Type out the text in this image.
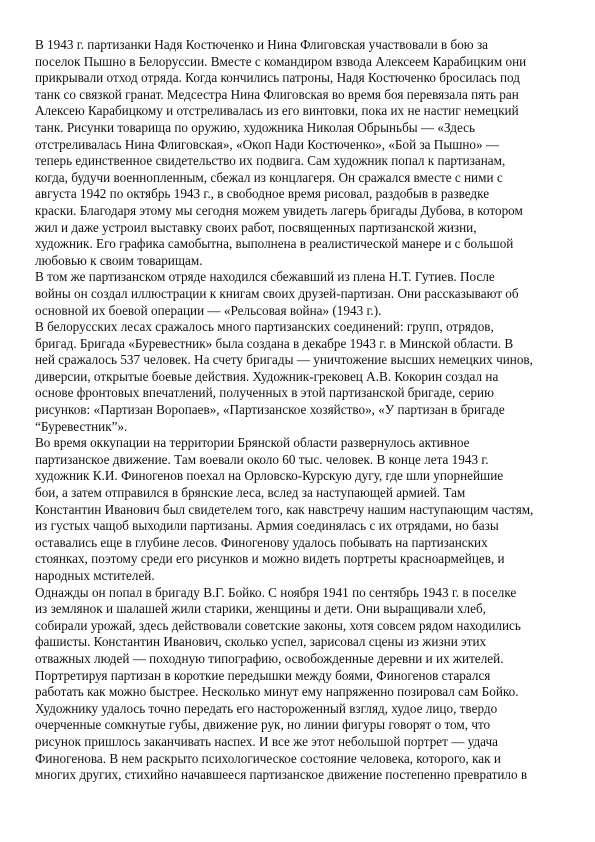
В 1943 г. партизанки Надя Костюченко и Нина Флиговская участвовали в бою за
поселок Пышно в Белоруссии. Вместе с командиром взвода Алексеем Карабицким они
прикрывали отход отряда. Когда кончились патроны, Надя Костюченко бросилась под
танк со связкой гранат. Медсестра Нина Флиговская во время боя перевязала пять ран
Алексею Карабицкому и отстреливалась из его винтовки, пока их не настиг немецкий
танк. Рисунки товарища по оружию, художника Николая Обрыньбы — «Здесь
отстреливалась Нина Флиговская», «Окоп Нади Костюченко», «Бой за Пышно» —
теперь единственное свидетельство их подвига. Сам художник попал к партизанам,
когда, будучи военнопленным, сбежал из концлагеря. Он сражался вместе с ними с
августа 1942 по октябрь 1943 г., в свободное время рисовал, раздобыв в разведке
краски. Благодаря этому мы сегодня можем увидеть лагерь бригады Дубова, в котором
жил и даже устроил выставку своих работ, посвященных партизанской жизни,
художник. Его графика самобытна, выполнена в реалистической манере и с большой
любовью к своим товарищам.
В том же партизанском отряде находился сбежавший из плена Н.Т. Гутиев. После
войны он создал иллюстрации к книгам своих друзей-партизан. Они рассказывают об
основной их боевой операции — «Рельсовая война» (1943 г.).
В белорусских лесах сражалось много партизанских соединений: групп, отрядов,
бригад. Бригада «Буревестник» была создана в декабре 1943 г. в Минской области. В
ней сражалось 537 человек. На счету бригады — уничтожение высших немецких чинов,
диверсии, открытые боевые действия. Художник-грековец А.В. Кокорин создал на
основе фронтовых впечатлений, полученных в этой партизанской бригаде, серию
рисунков: «Партизан Воропаев», «Партизанское хозяйство», «У партизан в бригаде
“Буревестник”».
Во время оккупации на территории Брянской области развернулось активное
партизанское движение. Там воевали около 60 тыс. человек. В конце лета 1943 г.
художник К.И. Финогенов поехал на Орловско-Курскую дугу, где шли упорнейшие
бои, а затем отправился в брянские леса, вслед за наступающей армией. Там
Константин Иванович был свидетелем того, как навстречу нашим наступающим частям,
из густых чащоб выходили партизаны. Армия соединялась с их отрядами, но базы
оставались еще в глубине лесов. Финогенову удалось побывать на партизанских
стоянках, поэтому среди его рисунков и можно видеть портреты красноармейцев, и
народных мстителей.
Однажды он попал в бригаду В.Г. Бойко. С ноября 1941 по сентябрь 1943 г. в поселке
из землянок и шалашей жили старики, женщины и дети. Они выращивали хлеб,
собирали урожай, здесь действовали советские законы, хотя совсем рядом находились
фашисты. Константин Иванович, сколько успел, зарисовал сцены из жизни этих
отважных людей — походную типографию, освобожденные деревни и их жителей.
Портретируя партизан в короткие передышки между боями, Финогенов старался
работать как можно быстрее. Несколько минут ему напряженно позировал сам Бойко.
Художнику удалось точно передать его настороженный взгляд, худое лицо, твердо
очерченные сомкнутые губы, движение рук, но линии фигуры говорят о том, что
рисунок пришлось заканчивать наспех. И все же этот небольшой портрет — удача
Финогенова. В нем раскрыто психологическое состояние человека, которого, как и
многих других, стихийно начавшееся партизанское движение постепенно превратило в
